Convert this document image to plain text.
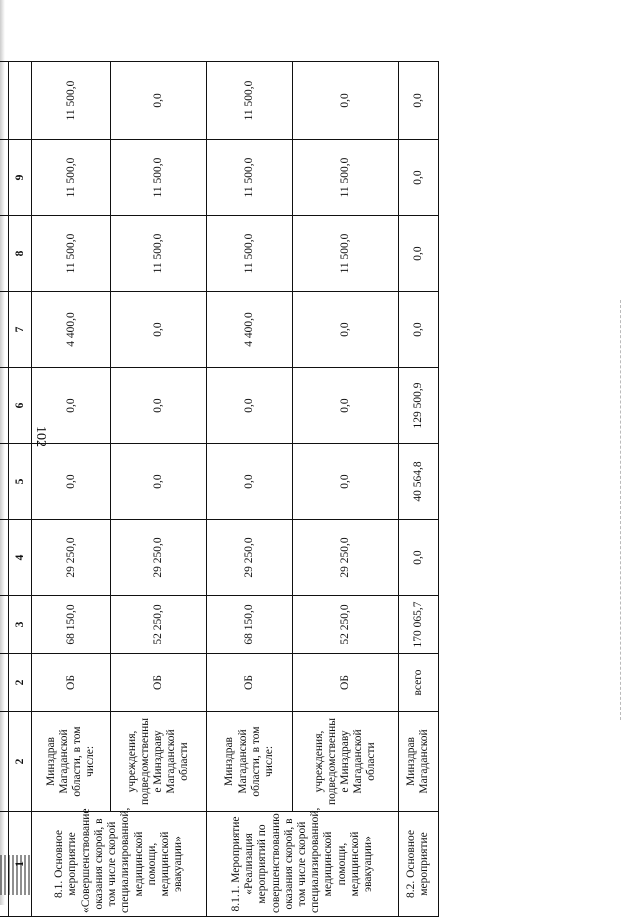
102

1	2	2	3	4	5	6	7	8	9	
8.1. Основное мероприятие «Совершенствование оказания скорой, в том числе скорой специализированной, медицинской помощи, медицинской эвакуации»	Минздрав Магаданской области, в том числе:	ОБ	68 150,0	29 250,0	0,0	0,0	4 400,0	11 500,0	11 500,0	11 500,0
	учреждения, подведомственны е Минздраву Магаданской области	ОБ	52 250,0	29 250,0	0,0	0,0	0,0	11 500,0	11 500,0	0,0
8.1.1. Мероприятие «Реализация мероприятий по совершенствованию оказания скорой, в том числе скорой специализированной, медицинской помощи, медицинской эвакуации»	Минздрав Магаданской области, в том числе:	ОБ	68 150,0	29 250,0	0,0	0,0	4 400,0	11 500,0	11 500,0	11 500,0
	учреждения, подведомственны е Минздраву Магаданской области	ОБ	52 250,0	29 250,0	0,0	0,0	0,0	11 500,0	11 500,0	0,0
8.2. Основное мероприятие	Минздрав Магаданской	всего	170 065,7	0,0	40 564,8	129 500,9	0,0	0,0	0,0	0,0
